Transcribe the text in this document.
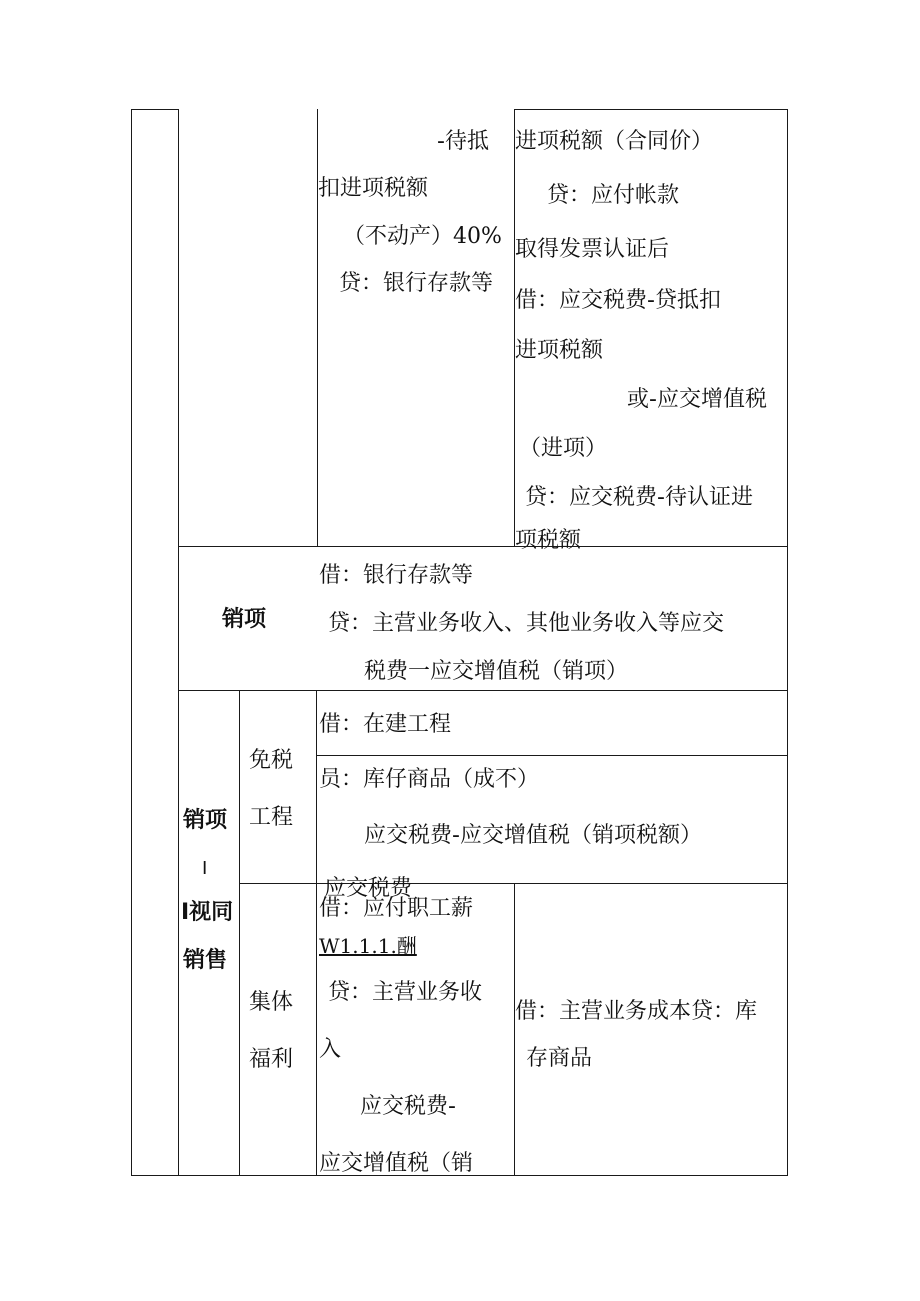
-待抵
扣进项税额
（不动产）40%
贷：银行存款等
进项税额（合同价）
贷：应付帐款
取得发票认证后
借：应交税费-贷抵扣
进项税额
或-应交增值税
（进项）
贷：应交税费-待认证进
项税额
销项
借：银行存款等
贷：主营业务收入、其他业务收入等应交
税费一应交增值税（销项）
销项
I
I视同
销售
免税
工程
借：在建工程
员：库仔商品（成不）
应交税费-应交增值税（销项税额）
应交税费
集体
福利
借：应付职工薪
W1.1.1.酬
贷：主营业务收
入
应交税费-
应交增值税（销
借：主营业务成本贷：库
存商品
